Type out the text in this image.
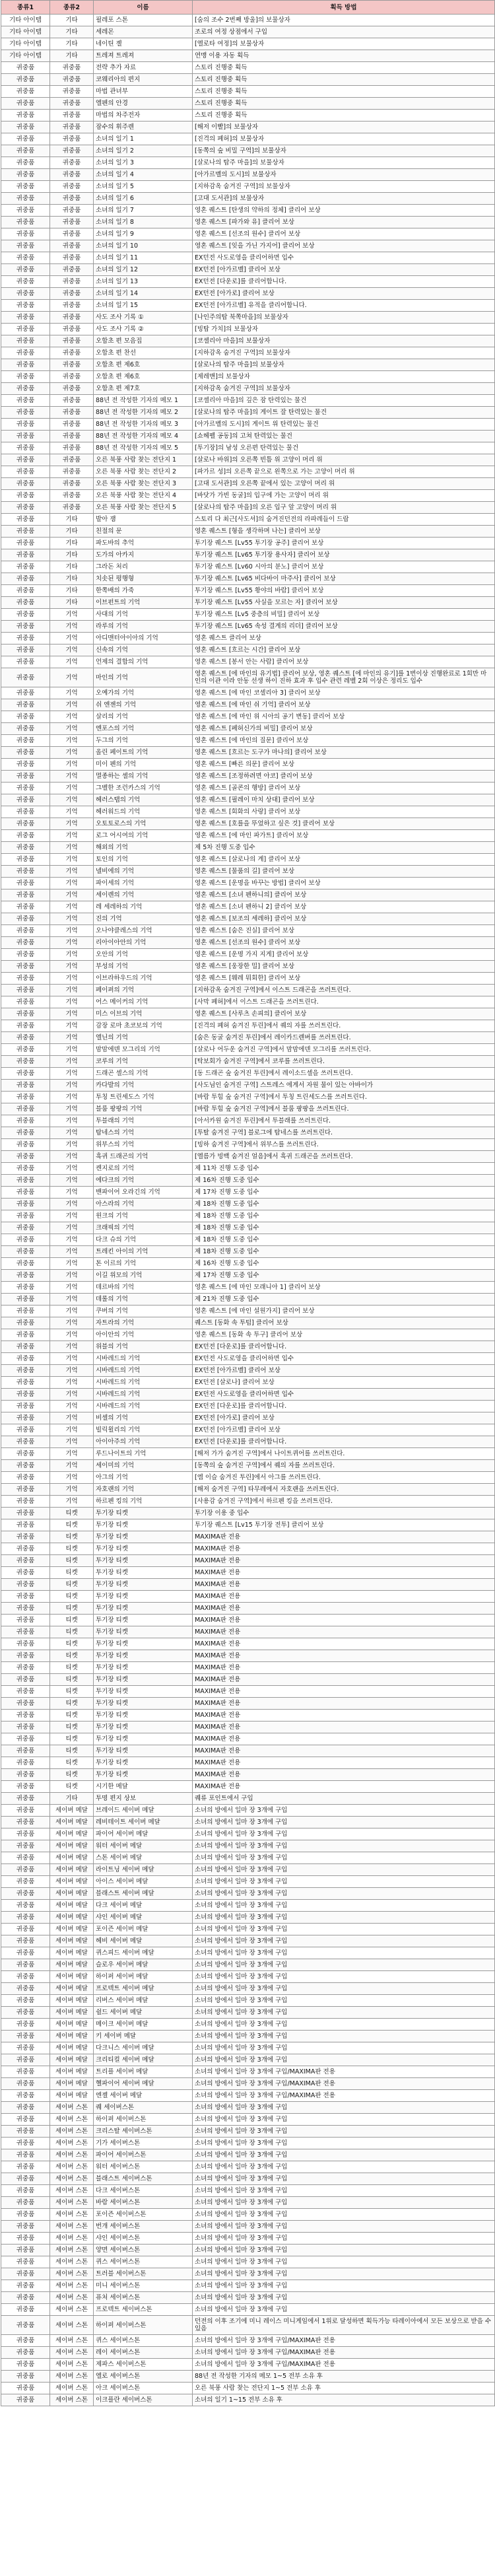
종류1	종류2	이름	획득 방법
기타 아이템	기타	필레포 스톤	[숨의 조수 2번째 방울]의 보물상자
기타 아이템	기타	세레몬	조로의 여정 상점에서 구입
기타 아이템	기타	네이틴 젤	[엘로타 여정]의 보물상자
기타 아이템	기타	트레져 트레져	연맹 이용 자동 획득
귀중품	귀중품	전략 추가 자료	스토리 진행중 획득
귀중품	귀중품	코웨리아의 편지	스토리 진행중 획득
귀중품	귀중품	마법 관녀부	스토리 진행중 획득
귀중품	귀중품	엘펜의 안경	스토리 진행중 획득
귀중품	귀중품	마법의 차주전자	스토리 진행중 획득
귀중품	귀중품	잠수의 휘주렌	[해저 이빨]의 보물상자
귀중품	귀중품	소녀의 일기 1	[진격의 폐허]의 보물상자
귀중품	귀중품	소녀의 일기 2	[동쪽의 숲 비밀 구역]의 보물상자
귀중품	귀중품	소녀의 일기 3	[살로나의 탑주 마을]의 보물상자
귀중품	귀중품	소녀의 일기 4	[아가르벨의 도시]의 보물상자
귀중품	귀중품	소녀의 일기 5	[지하감옥 숨겨진 구역]의 보물상자
귀중품	귀중품	소녀의 일기 6	[고대 도서관]의 보물상자
귀중품	귀중품	소녀의 일기 7	영혼 퀘스트 [탄생의 약하의 정체] 클리어 보상
귀중품	귀중품	소녀의 일기 8	영혼 퀘스트 [파가와 유] 클리어 보상
귀중품	귀중품	소녀의 일기 9	영혼 퀘스트 [선조의 원수] 클리어 보상
귀중품	귀중품	소녀의 일기 10	영혼 퀘스트 [잊을 가닌 가지어] 클리어 보상
귀중품	귀중품	소녀의 일기 11	EX던전 사도로영을 클리어하면 입수
귀중품	귀중품	소녀의 일기 12	EX던전 [아가르벨] 클리어 보상
귀중품	귀중품	소녀의 일기 13	EX던전 [다운로]를 클리어합니다.
귀중품	귀중품	소녀의 일기 14	EX던전 [아가로] 클리어 보상
귀중품	귀중품	소녀의 일기 15	EX던전 [아가르벨] 유적을 클리어합니다.
귀중품	귀중품	사도 조사 기록 ①	[나인주의탑 북쪽마을]의 보물상자
귀중품	귀중품	사도 조사 기록 ②	[빙탑 가치]의 보물상자
귀중품	귀중품	오합초 편 모음집	[코셀리아 마을]의 보물상자
귀중품	귀중품	오합초 편 찬선	[지하감옥 숨겨진 구역]의 보물상자
귀중품	귀중품	오합초 편 제6호	[살로나의 탑주 마을]의 보물상자
귀중품	귀중품	오합초 편 제6호	[제레맨]의 보물상자
귀중품	귀중품	오합초 편 제7호	[지하감옥 숨겨진 구역]의 보물상자
귀중품	귀중품	88년 전 작성한 기자의 메모 1	[코셀리아 마을]의 깊은 잠 탄력있는 물건
귀중품	귀중품	88년 전 작성한 기자의 메모 2	[살로나의 탑주 마을]의 게이트 잘 탄력있는 물건
귀중품	귀중품	88년 전 작성한 기자의 메모 3	[아가르벨의 도시]의 게이트 위 탄력있는 물건
귀중품	귀중품	88년 전 작성한 기자의 메모 4	[쇼헤펠 공동]의 고쳐 탄력있는 물건
귀중품	귀중품	88년 전 작성한 기자의 메모 5	[투기장]의 남성 오른편 탄력있는 물건
귀중품	귀중품	오른 북풍 사람 찾는 전단지 1	[살로나 바위]의 오른쪽 빈틈 위 고양이 머리 위
귀중품	귀중품	오른 북풍 사람 찾는 전단지 2	[파가르 성]의 오른쪽 끝으로 왼쪽으로 가는 고양이 머리 위
귀중품	귀중품	오른 북풍 사람 찾는 전단지 3	[고대 도서관]의 오른쪽 끝에서 있는 고양이 머리 위
귀중품	귀중품	오른 북풍 사람 찾는 전단지 4	[바닷가 가빈 동굴]의 입구에 가는 고양이 머리 위
귀중품	귀중품	오른 북풍 사람 찾는 전단지 5	[살로나의 탑주 마을]의 오른 입구 앞 고양이 머리 위
귀중품	기타	발아 잼	스토리 다 최근[사도셔]의 숨겨진던전의 라파레들이 드랍
귀중품	기타	친절의 문	영혼 퀘스트 [형을 생각하며 나는] 클리어 보상
귀중품	기타	파도바의 추억	투기장 퀘스트 [Lv55 투기장 공주] 클리어 보상
귀중품	기타	도가의 아카지	투기장 퀘스트 [Lv65 투기장 용사자] 클리어 보상
귀중품	기타	그라돈 처리	투기장 퀘스트 [Lv60 시아의 분노] 클리어 보상
귀중품	기타	치솟된 평행형	투기장 퀘스트 [Lv65 비다바이 마주사] 클리어 보상
귀중품	기타	한쪽배의 가죽	투기장 퀘스트 [Lv55 황야의 바람] 클리어 보상
귀중품	기타	이브펀트의 기억	투기장 퀘스트 [Lv55 사실을 모르는 자] 클리어 보상
귀중품	기억	사대의 기억	투기장 퀘스트 [Lv5 중층의 비밀] 클리어 보상
귀중품	기억	라루의 기억	투기장 퀘스트 [Lv65 속성 결계의 리더] 클리어 보상
귀중품	기억	아디맨터아이아의 기억	영혼 퀘스트 클리어 보상
귀중품	기억	신속의 기억	영혼 퀘스트 [흐르는 시간] 클리어 보상
귀중품	기억	언제의 결합의 기억	영혼 퀘스트 [봉서 안는 사람] 클리어 보상
귀중품	기억	마인의 기억	영혼 퀘스트 [에 마인의 유기법] 클리어 보상, 영혼 퀘스트 [에 마인의 유기]를 1번이상 진행완료로 1회만 마인의 이관 이라 안동 선생 하이 진하 효과 후 입수 관련 레벨 2회 이상은 정리도 입수
귀중품	기억	오예가의 기억	영혼 퀘스트 [에 마인 코셀리아 3] 클리어 보상
귀중품	기억	쉬 엔젠의 기억	영혼 퀘스트 [에 마인 쉬 기억] 클리어 보상
귀중품	기억	살리의 기억	영혼 퀘스트 [에 마인 위 시아의 공기 변동] 클리어 보상
귀중품	기억	엔포스의 기억	영혼 퀘스트 [페허신가의 비밀] 클리어 보상
귀중품	기억	두그의 기억	영혼 퀘스트 [에 마인의 질문] 클리어 보상
귀중품	기억	올린 페이트의 기억	영혼 퀘스트 [흐르는 도구가 마나의] 클리어 보상
귀중품	기억	미이 펜의 기억	영혼 퀘스트 [빠른 의문] 클리어 보상
귀중품	기억	멸종하는 셀의 기억	영혼 퀘스트 [조정하려면 아코] 클리어 보상
귀중품	기억	그벨한 조런카스의 기억	영혼 퀘스트 [골콘의 행방] 클리어 보상
귀중품	기억	헤러스탭의 기억	영혼 퀘스트 [필레이 마치 상대] 클리어 보상
귀중품	기억	헤러워드의 기억	영혼 퀘스트 [회화의 사랑] 클리어 보상
귀중품	기억	오토토로스의 기억	영혼 퀘스트 [호를을 뚜었하고 싶은 것] 클리어 보상
귀중품	기억	로그 어시여의 기억	영혼 퀘스트 [에 마인 파가트] 클리어 보상
귀중품	기억	해외의 기억	제 5차 진행 도중 입수
귀중품	기억	토인의 기억	영혼 퀘스트 [살로나의 계] 클리어 보상
귀중품	기억	넬비에의 기억	영혼 퀘스트 [물품의 길] 클리어 보상
귀중품	기억	파이세의 기억	영혼 퀘스트 [운명을 바꾸는 방법] 클리어 보상
귀중품	기억	세이렌의 기억	영혼 퀘스트 [소녀 펜하니의] 클리어 보상
귀중품	기억	레 세레하의 기억	영혼 퀘스트 [소녀 펜하니 2] 클리어 보상
귀중품	기억	진의 기억	영혼 퀘스트 [보조의 세레하] 클리어 보상
귀중품	기억	오나야클레스의 기억	영혼 퀘스트 [숨은 진실] 클리어 보상
귀중품	기억	리아이아안의 기억	영혼 퀘스트 [선조의 원수] 클리어 보상
귀중품	기억	오안의 기억	영혼 퀘스트 [운명 가지 지게] 클리어 보상
귀중품	기억	부성의 기억	영혼 퀘스트 [웅장한 밀] 클리어 보상
귀중품	기억	이브라하우드의 기억	영혼 퀘스트 [웨레 뭐회한] 클리어 보상
귀중품	기억	페이퍼의 기억	[지하감옥 숨겨진 구역]에서 이스트 드래곤을 쓰러트린다.
귀중품	기억	어스 메이커의 기억	[사막 폐허]에서 이스트 드래곤을 쓰러트린다.
귀중품	기억	미스 이브의 기억	영혼 퀘스트 [사루츠 손피의] 클리어 보상
귀중품	기억	감장 로마 초코보의 기억	[진격의 폐허 숨겨진 투린]에서 퀘의 자를 쓰러트린다.
귀중품	기억	엘닌의 기억	[숨은 동굴 숨겨진 투린]에서 레이카드렌버를 쓰러트린다.
귀중품	기억	맘맘에덴 모그리의 기억	[살로나 어두운 숨겨진 구역]에서 맘맘에덴 모그리를 쓰러트린다.
귀중품	기억	코루의 기억	[탁보회가 숨겨진 구역]에서 코루를 쓰러트린다.
귀중품	기억	드래곤 셀스의 기억	[동 드래곤 숲 숨겨진 투린]에서 레이소드셀을 쓰러트린다.
귀중품	기억	카다발의 기억	[사도님인 숨겨진 구역] 스트레스 에게서 자원 물이 있는 아바이가
귀중품	기억	투칭 트린세도스 기억	[바람 투힘 숲 숨겨진 구역]에서 투칭 트린세도스를 쓰러트린다.
귀중품	기억	블룸 팡팡의 기억	[바람 투힘 숲 숨겨진 구역]에서 블룸 팡팡을 쓰러트린다.
귀중품	기억	투블래의 기억	[아서카원 숨겨진 투린]에서 투블래를 쓰러트린다.
귀중품	기억	탐네스의 기억	[투탈 숨겨진 구역] 블로그에 탐네스를 쓰러트린다.
귀중품	기억	위부스의 기억	[빙하 숨겨진 구역]에서 위부스를 쓰러트린다.
귀중품	기억	흑귀 드래곤의 기억	[엘름가 빙백 숨겨진 얼음]에서 흑귀 드래곤을 쓰러트린다.
귀중품	기억	켄지로의 기억	제 11차 진행 도중 입수
귀중품	기억	에다크의 기억	제 16차 진행 도중 입수
귀중품	기억	밴파이어 오라긴의 기억	제 17차 진행 도중 입수
귀중품	기억	아스라의 기억	제 18차 진행 도중 입수
귀중품	기억	윈크의 기억	제 18차 진행 도중 입수
귀중품	기억	크래픽의 기억	제 18차 진행 도중 입수
귀중품	기억	다크 슈의 기억	제 18차 진행 도중 입수
귀중품	기억	트레킨 아이의 기억	제 18차 진행 도중 입수
귀중품	기억	톤 이르의 기억	제 16차 진행 도중 입수
귀중품	기억	이길 위모의 기억	제 17차 진행 도중 입수
귀중품	기억	데르바의 기억	영혼 퀘스트 [에 마인 모래니아 1] 클리어 보상
귀중품	기억	데롤의 기억	제 21차 진행 도중 입수
귀중품	기억	쿠버의 기억	영혼 퀘스트 [에 마인 설원가지] 클리어 보상
귀중품	기억	자트라의 기억	퀘스트 [동화 속 투텀] 클리어 보상
귀중품	기억	아이안의 기억	영혼 퀘스트 [동화 속 투구] 클리어 보상
귀중품	기억	위블의 기억	EX던전 [다운로]를 클리어합니다.
귀중품	기억	시바레드의 기억	EX던전 사도로영을 클리어하면 입수
귀중품	기억	시바레드의 기억	EX던전 [아가르벨] 클리어 보상
귀중품	기억	시바레드의 기억	EX던전 [살로나] 클리어 보상
귀중품	기억	시바레드의 기억	EX던전 사도로영을 클리어하면 입수
귀중품	기억	시바레드의 기억	EX던전 [다운로]를 클리어합니다.
귀중품	기억	비셀의 기억	EX던전 [아가로] 클리어 보상
귀중품	기억	빌릭윌리의 기억	EX던전 [아가르벨] 클리어 보상
귀중품	기억	아이아주의 기억	EX던전 [다운로]를 클리어합니다.
귀중품	기억	루드나이트의 기억	[해저 가가 숨겨진 구역]에서 나이트퀴어를 쓰러트린다.
귀중품	기억	세이미의 기억	[동쪽의 숲 숨겨진 구역]에서 퀘의 자를 쓰러트린다.
귀중품	기억	아그의 기억	[엠 이슬 숨겨진 투린]에서 아그를 쓰러트린다.
귀중품	기억	자호랜의 기억	[해저 숨겨진 구역] 타무레에서 자호랜을 쓰러트린다.
귀중품	기억	하르펜 킹의 기억	[사용감 숨겨진 구역]에서 하르펜 킹을 쓰러트린다.
귀중품	티켓	투기장 티켓	투기장 이용 중 입수
귀중품	티켓	투기장 티켓	투기장 퀘스트 [Lv15 투기장 전투] 클리어 보상
귀중품	티켓	투기장 티켓	MAXIMA판 전용
귀중품	티켓	투기장 티켓	MAXIMA판 전용
귀중품	티켓	투기장 티켓	MAXIMA판 전용
귀중품	티켓	투기장 티켓	MAXIMA판 전용
귀중품	티켓	투기장 티켓	MAXIMA판 전용
귀중품	티켓	투기장 티켓	MAXIMA판 전용
귀중품	티켓	투기장 티켓	MAXIMA판 전용
귀중품	티켓	투기장 티켓	MAXIMA판 전용
귀중품	티켓	투기장 티켓	MAXIMA판 전용
귀중품	티켓	투기장 티켓	MAXIMA판 전용
귀중품	티켓	투기장 티켓	MAXIMA판 전용
귀중품	티켓	투기장 티켓	MAXIMA판 전용
귀중품	티켓	투기장 티켓	MAXIMA판 전용
귀중품	티켓	투기장 티켓	MAXIMA판 전용
귀중품	티켓	투기장 티켓	MAXIMA판 전용
귀중품	티켓	투기장 티켓	MAXIMA판 전용
귀중품	티켓	투기장 티켓	MAXIMA판 전용
귀중품	티켓	투기장 티켓	MAXIMA판 전용
귀중품	티켓	투기장 티켓	MAXIMA판 전용
귀중품	티켓	투기장 티켓	MAXIMA판 전용
귀중품	티켓	투기장 티켓	MAXIMA판 전용
귀중품	티켓	시기한 메달	MAXIMA판 전용
귀중품	기타	투명 편지 상보	퀘류 포인트에서 구입
귀중품	세이버 메달	브레이드 세이버 메달	소녀의 방에서 일마 장 3개에 구입
귀중품	세이버 메달	레비테이트 세이버 메달	소녀의 방에서 일마 장 3개에 구입
귀중품	세이버 메달	파이어 세이버 메달	소녀의 방에서 일마 장 3개에 구입
귀중품	세이버 메달	워터 세이버 메달	소녀의 방에서 일마 장 3개에 구입
귀중품	세이버 메달	스톤 세이버 메달	소녀의 방에서 일마 장 3개에 구입
귀중품	세이버 메달	라이트닝 세이버 메달	소녀의 방에서 일마 장 3개에 구입
귀중품	세이버 메달	아이스 세이버 메달	소녀의 방에서 일마 장 3개에 구입
귀중품	세이버 메달	블래스트 세이버 메달	소녀의 방에서 일마 장 3개에 구입
귀중품	세이버 메달	다크 세이버 메달	소녀의 방에서 일마 장 3개에 구입
귀중품	세이버 메달	샤인 세이버 메달	소녀의 방에서 일마 장 3개에 구입
귀중품	세이버 메달	포이즌 세이버 메달	소녀의 방에서 일마 장 3개에 구입
귀중품	세이버 메달	헤비 세이버 메달	소녀의 방에서 일마 장 3개에 구입
귀중품	세이버 메달	퀴스피드 세이버 메달	소녀의 방에서 일마 장 3개에 구입
귀중품	세이버 메달	슬로우 세이버 메달	소녀의 방에서 일마 장 3개에 구입
귀중품	세이버 메달	하이퍼 세이버 메달	소녀의 방에서 일마 장 3개에 구입
귀중품	세이버 메달	프로텍트 세이버 메달	소녀의 방에서 일마 장 3개에 구입
귀중품	세이버 메달	리버스 세이버 메달	소녀의 방에서 일마 장 3개에 구입
귀중품	세이버 메달	쉴드 세이버 메달	소녀의 방에서 일마 장 3개에 구입
귀중품	세이버 메달	메이크 세이버 메달	소녀의 방에서 일마 장 3개에 구입
귀중품	세이버 메달	키 세이버 메달	소녀의 방에서 일마 장 3개에 구입
귀중품	세이버 메달	다크니스 세이버 메달	소녀의 방에서 일마 장 3개에 구입
귀중품	세이버 메달	크리티컬 세이버 메달	소녀의 방에서 일마 장 3개에 구입
귀중품	세이버 메달	트리플 세이버 메달	소녀의 방에서 일마 장 3개에 구입/MAXIMA판 전용
귀중품	세이버 메달	헬파이어 세이버 메달	소녀의 방에서 일마 장 3개에 구입/MAXIMA판 전용
귀중품	세이버 메달	엔젤 세이버 메달	소녀의 방에서 일마 장 3개에 구입/MAXIMA판 전용
귀중품	세이버 스톤	퀘 세이버스톤	소녀의 방에서 일마 장 3개에 구입
귀중품	세이버 스톤	하이퍼 세이버스톤	소녀의 방에서 일마 장 3개에 구입
귀중품	세이버 스톤	크리스탈 세이버스톤	소녀의 방에서 일마 장 3개에 구입
귀중품	세이버 스톤	기가 세이버스톤	소녀의 방에서 일마 장 3개에 구입
귀중품	세이버 스톤	파이어 세이버스톤	소녀의 방에서 일마 장 3개에 구입
귀중품	세이버 스톤	워터 세이버스톤	소녀의 방에서 일마 장 3개에 구입
귀중품	세이버 스톤	블래스트 세이버스톤	소녀의 방에서 일마 장 3개에 구입
귀중품	세이버 스톤	다크 세이버스톤	소녀의 방에서 일마 장 3개에 구입
귀중품	세이버 스톤	바람 세이버스톤	소녀의 방에서 일마 장 3개에 구입
귀중품	세이버 스톤	포이즌 세이버스톤	소녀의 방에서 일마 장 3개에 구입
귀중품	세이버 스톤	번개 세이버스톤	소녀의 방에서 일마 장 3개에 구입
귀중품	세이버 스톤	샤인 세이버스톤	소녀의 방에서 일마 장 3개에 구입
귀중품	세이버 스톤	양면 세이버스톤	소녀의 방에서 일마 장 3개에 구입
귀중품	세이버 스톤	퀴스 세이버스톤	소녀의 방에서 일마 장 3개에 구입
귀중품	세이버 스톤	트러블 세이버스톤	소녀의 방에서 일마 장 3개에 구입
귀중품	세이버 스톤	미니 세이버스톤	소녀의 방에서 일마 장 3개에 구입
귀중품	세이버 스톤	퓨처 세이버스톤	소녀의 방에서 일마 장 3개에 구입
귀중품	세이버 스톤	프로텍트 세이버스톤	소녀의 방에서 일마 장 3개에 구입
귀중품	세이버 스톤	하이퍼 세이버스톤	던전의 이후 조기에 미니 레이스 미니게임에서 1위로 달성하면 획득가능 타레이아에서 모든 보상으로 받을 수 있음
귀중품	세이버 스톤	퀴스 세이버스톤	소녀의 방에서 일마 장 3개에 구입/MAXIMA판 전용
귀중품	세이버 스톤	레이 세이버스톤	소녀의 방에서 일마 장 3개에 구입/MAXIMA판 전용
귀중품	세이버 스톤	제파스 세이버스톤	소녀의 방에서 일마 장 3개에 구입/MAXIMA판 전용
귀중품	세이버 스톤	엘로 세이버스톤	88년 전 작성한 기자의 메모 1~5 전부 소유 후
귀중품	세이버 스톤	아크 세이버스톤	오른 북풍 사람 찾는 전단지 1~5 전부 소유 후
귀중품	세이버 스톤	이크플란 세이버스톤	소녀의 일기 1~15 전부 소유 후
